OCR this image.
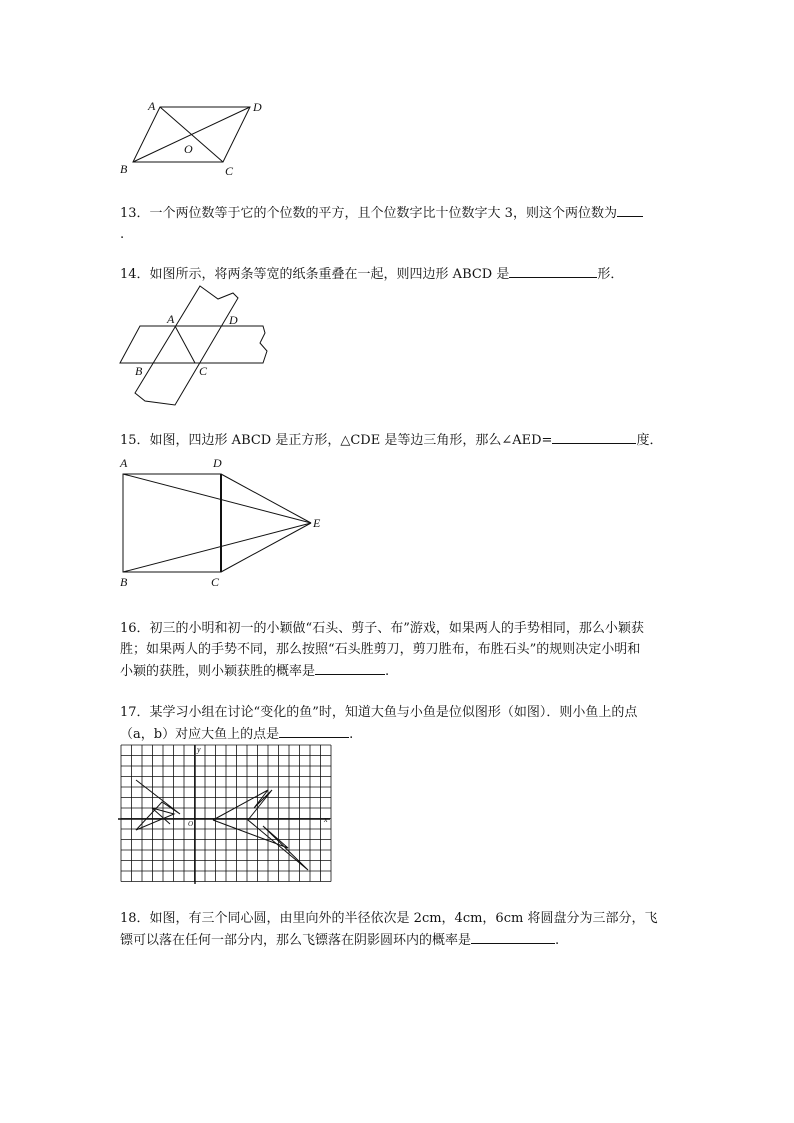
A	D
O
B	C
13．一个两位数等于它的个位数的平方，且个位数字比十位数字大 3，则这个两位数为
.
14．如图所示，将两条等宽的纸条重叠在一起，则四边形 ABCD 是	形．
A	D
B	C
15．如图，四边形 ABCD 是正方形，△CDE 是等边三角形，那么∠AED=	度．
A	D
E
B	C
16．初三的小明和初一的小颖做“石头、剪子、布”游戏，如果两人的手势相同，那么小颖获
胜；如果两人的手势不同，那么按照“石头胜剪刀，剪刀胜布，布胜石头”的规则决定小明和
小颖的获胜，则小颖获胜的概率是	.
17．某学习小组在讨论“变化的鱼”时，知道大鱼与小鱼是位似图形（如图）．则小鱼上的点
（a，b）对应大鱼上的点是	.
y
x
O
18．如图，有三个同心圆，由里向外的半径依次是 2cm，4cm，6cm 将圆盘分为三部分，飞
镖可以落在任何一部分内，那么飞镖落在阴影圆环内的概率是	.
